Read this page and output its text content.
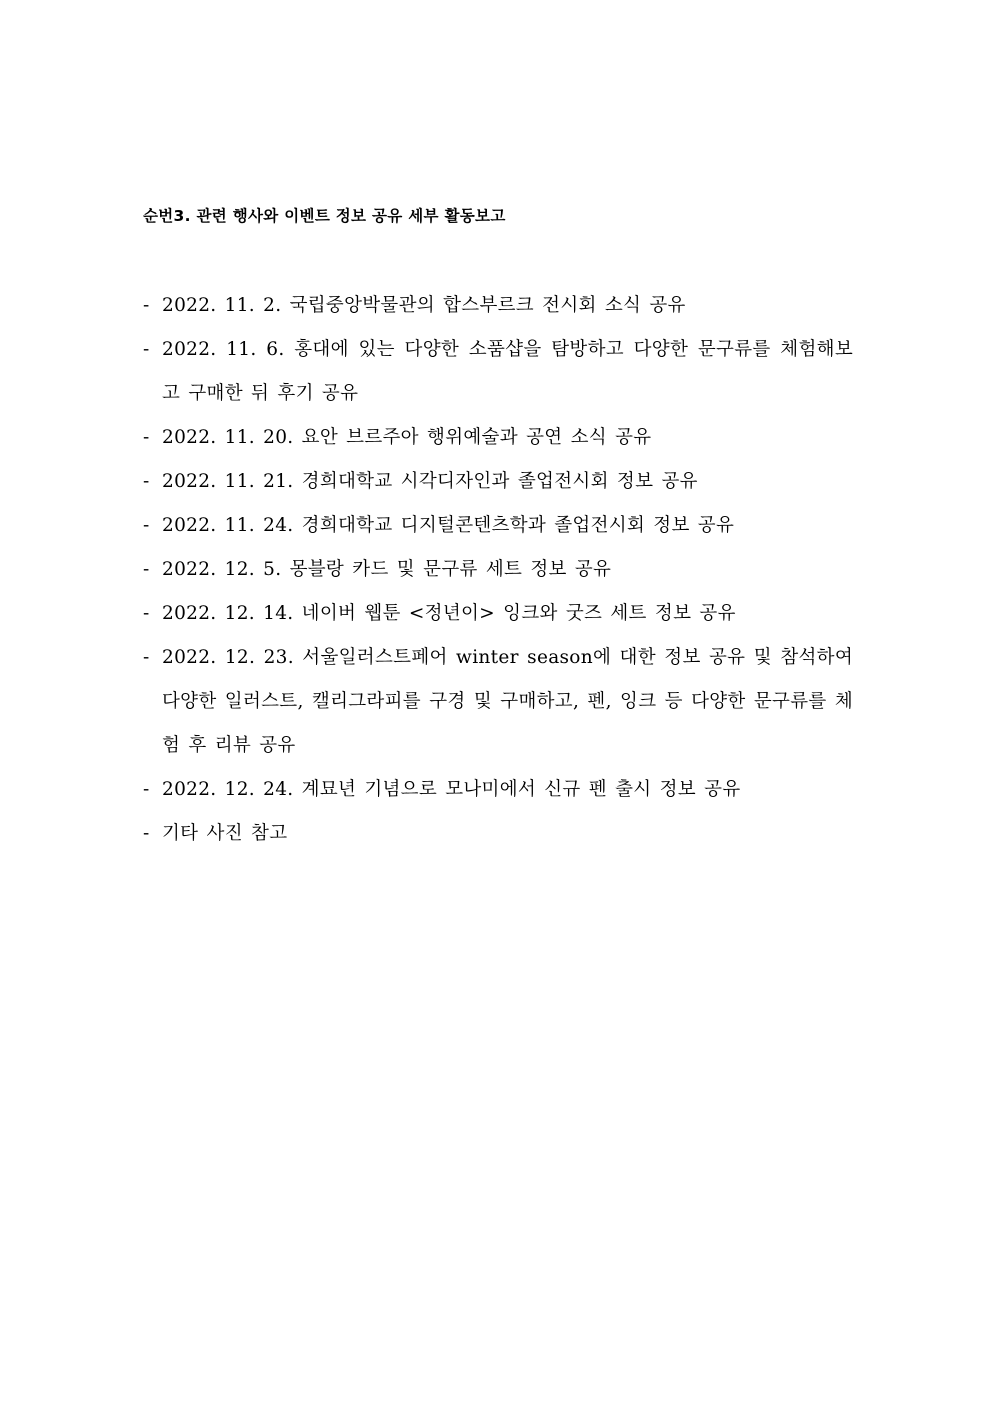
순번3. 관련 행사와 이벤트 정보 공유 세부 활동보고
- 2022. 11. 2. 국립중앙박물관의 합스부르크 전시회 소식 공유
- 2022. 11. 6. 홍대에 있는 다양한 소품샵을 탐방하고 다양한 문구류를 체험해보고 구매한 뒤 후기 공유
- 2022. 11. 20. 요안 브르주아 행위예술과 공연 소식 공유
- 2022. 11. 21. 경희대학교 시각디자인과 졸업전시회 정보 공유
- 2022. 11. 24. 경희대학교 디지털콘텐츠학과 졸업전시회 정보 공유
- 2022. 12. 5. 몽블랑 카드 및 문구류 세트 정보 공유
- 2022. 12. 14. 네이버 웹툰 <정년이> 잉크와 굿즈 세트 정보 공유
- 2022. 12. 23. 서울일러스트페어 winter season에 대한 정보 공유 및 참석하여 다양한 일러스트, 캘리그라피를 구경 및 구매하고, 펜, 잉크 등 다양한 문구류를 체험 후 리뷰 공유
- 2022. 12. 24. 계묘년 기념으로 모나미에서 신규 펜 출시 정보 공유
- 기타 사진 참고
